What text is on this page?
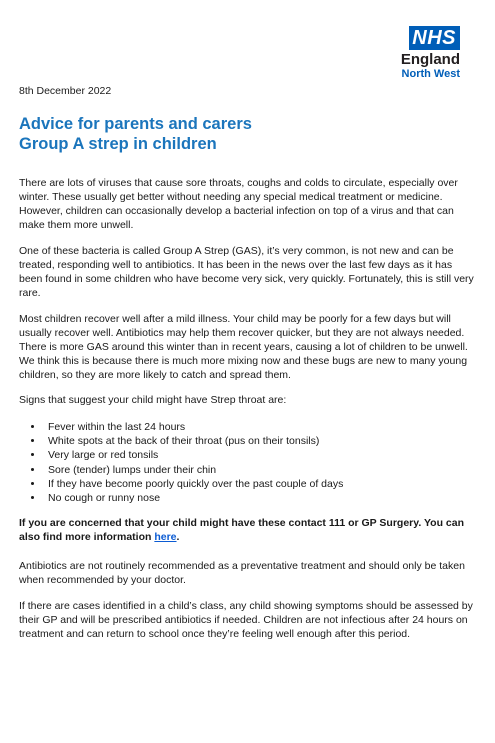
NHS
England
North West

8th December 2022

Advice for parents and carers
Group A strep in children

There are lots of viruses that cause sore throats, coughs and colds to circulate, especially over winter. These usually get better without needing any special medical treatment or medicine. However, children can occasionally develop a bacterial infection on top of a virus and that can make them more unwell.

One of these bacteria is called Group A Strep (GAS), it’s very common, is not new and can be treated, responding well to antibiotics. It has been in the news over the last few days as it has been found in some children who have become very sick, very quickly. Fortunately, this is still very rare.

Most children recover well after a mild illness. Your child may be poorly for a few days but will usually recover well. Antibiotics may help them recover quicker, but they are not always needed. There is more GAS around this winter than in recent years, causing a lot of children to be unwell. We think this is because there is much more mixing now and these bugs are new to many young children, so they are more likely to catch and spread them.

Signs that suggest your child might have Strep throat are:

• Fever within the last 24 hours
• White spots at the back of their throat (pus on their tonsils)
• Very large or red tonsils
• Sore (tender) lumps under their chin
• If they have become poorly quickly over the past couple of days
• No cough or runny nose

If you are concerned that your child might have these contact 111 or GP Surgery. You can also find more information here.

Antibiotics are not routinely recommended as a preventative treatment and should only be taken when recommended by your doctor.

If there are cases identified in a child’s class, any child showing symptoms should be assessed by their GP and will be prescribed antibiotics if needed. Children are not infectious after 24 hours on treatment and can return to school once they’re feeling well enough after this period.
